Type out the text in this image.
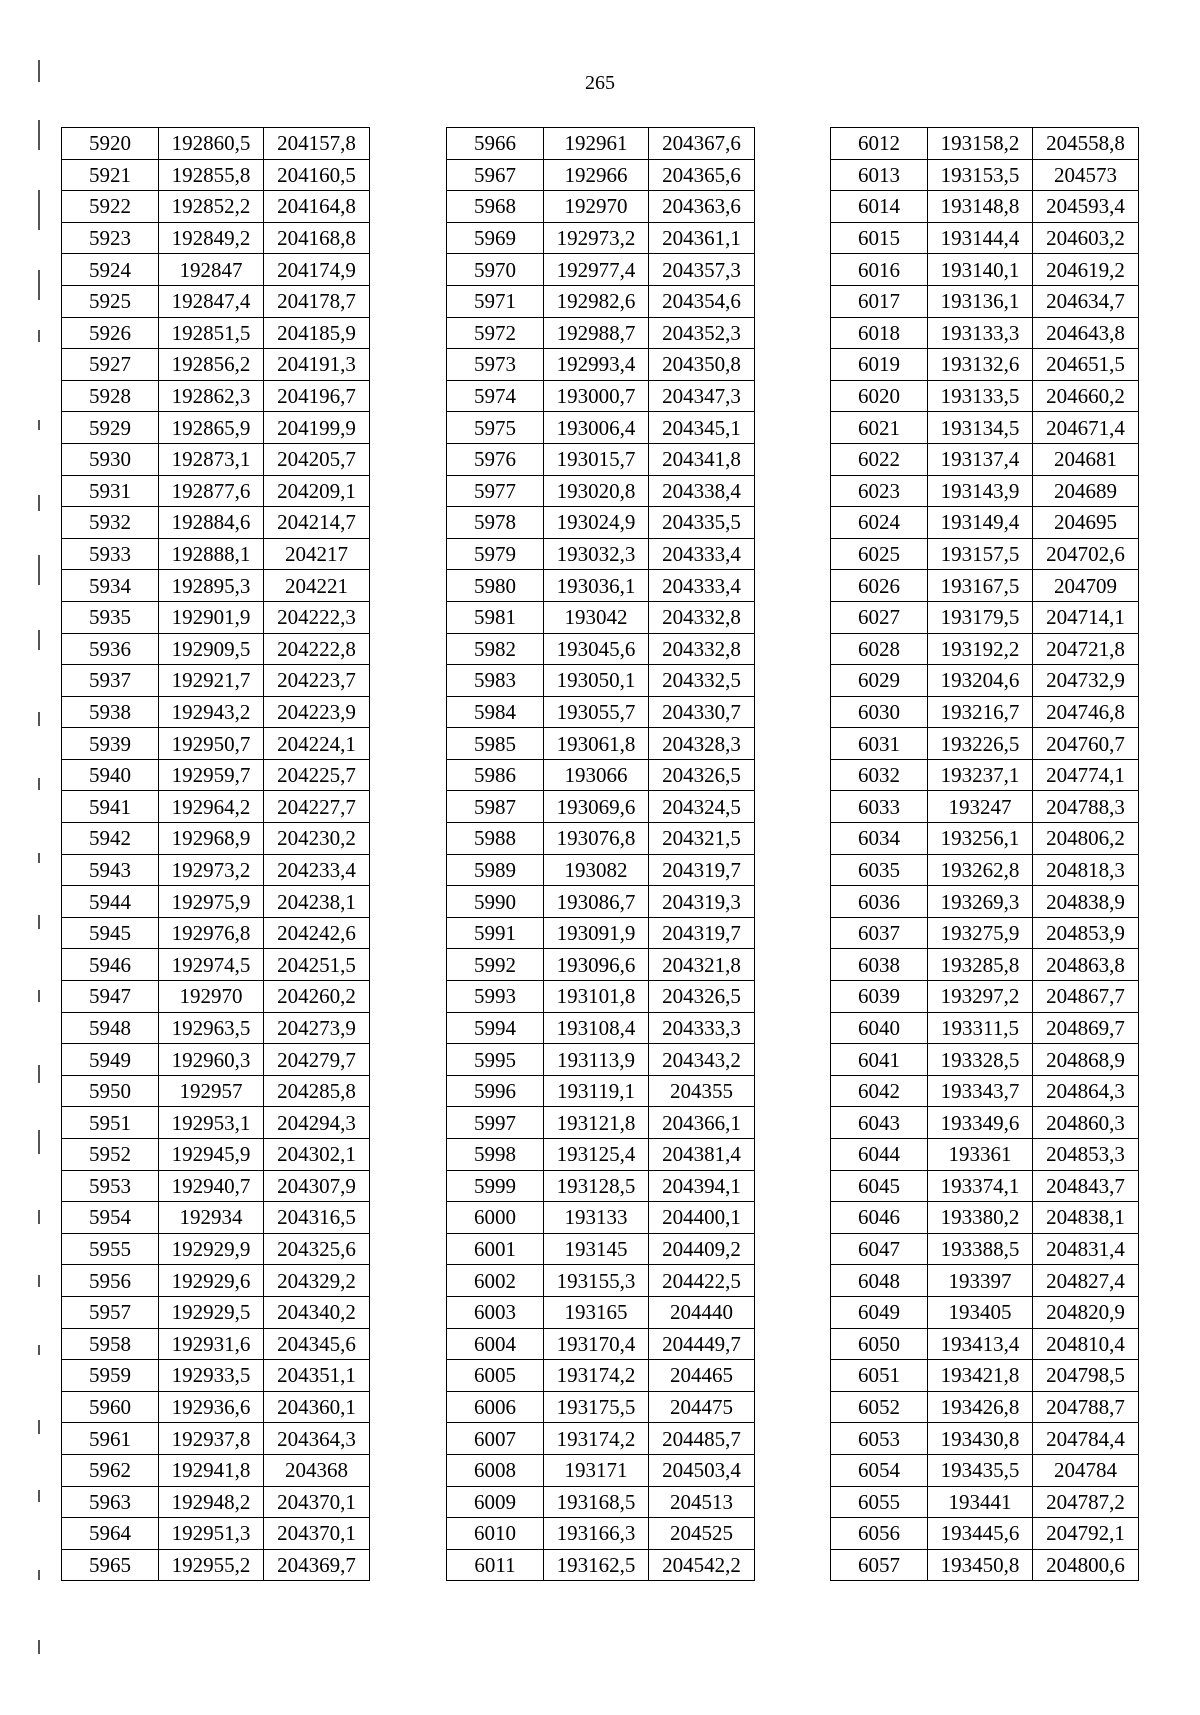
265
5920	192860,5	204157,8
5921	192855,8	204160,5
5922	192852,2	204164,8
5923	192849,2	204168,8
5924	192847	204174,9
5925	192847,4	204178,7
5926	192851,5	204185,9
5927	192856,2	204191,3
5928	192862,3	204196,7
5929	192865,9	204199,9
5930	192873,1	204205,7
5931	192877,6	204209,1
5932	192884,6	204214,7
5933	192888,1	204217
5934	192895,3	204221
5935	192901,9	204222,3
5936	192909,5	204222,8
5937	192921,7	204223,7
5938	192943,2	204223,9
5939	192950,7	204224,1
5940	192959,7	204225,7
5941	192964,2	204227,7
5942	192968,9	204230,2
5943	192973,2	204233,4
5944	192975,9	204238,1
5945	192976,8	204242,6
5946	192974,5	204251,5
5947	192970	204260,2
5948	192963,5	204273,9
5949	192960,3	204279,7
5950	192957	204285,8
5951	192953,1	204294,3
5952	192945,9	204302,1
5953	192940,7	204307,9
5954	192934	204316,5
5955	192929,9	204325,6
5956	192929,6	204329,2
5957	192929,5	204340,2
5958	192931,6	204345,6
5959	192933,5	204351,1
5960	192936,6	204360,1
5961	192937,8	204364,3
5962	192941,8	204368
5963	192948,2	204370,1
5964	192951,3	204370,1
5965	192955,2	204369,7
5966	192961	204367,6
5967	192966	204365,6
5968	192970	204363,6
5969	192973,2	204361,1
5970	192977,4	204357,3
5971	192982,6	204354,6
5972	192988,7	204352,3
5973	192993,4	204350,8
5974	193000,7	204347,3
5975	193006,4	204345,1
5976	193015,7	204341,8
5977	193020,8	204338,4
5978	193024,9	204335,5
5979	193032,3	204333,4
5980	193036,1	204333,4
5981	193042	204332,8
5982	193045,6	204332,8
5983	193050,1	204332,5
5984	193055,7	204330,7
5985	193061,8	204328,3
5986	193066	204326,5
5987	193069,6	204324,5
5988	193076,8	204321,5
5989	193082	204319,7
5990	193086,7	204319,3
5991	193091,9	204319,7
5992	193096,6	204321,8
5993	193101,8	204326,5
5994	193108,4	204333,3
5995	193113,9	204343,2
5996	193119,1	204355
5997	193121,8	204366,1
5998	193125,4	204381,4
5999	193128,5	204394,1
6000	193133	204400,1
6001	193145	204409,2
6002	193155,3	204422,5
6003	193165	204440
6004	193170,4	204449,7
6005	193174,2	204465
6006	193175,5	204475
6007	193174,2	204485,7
6008	193171	204503,4
6009	193168,5	204513
6010	193166,3	204525
6011	193162,5	204542,2
6012	193158,2	204558,8
6013	193153,5	204573
6014	193148,8	204593,4
6015	193144,4	204603,2
6016	193140,1	204619,2
6017	193136,1	204634,7
6018	193133,3	204643,8
6019	193132,6	204651,5
6020	193133,5	204660,2
6021	193134,5	204671,4
6022	193137,4	204681
6023	193143,9	204689
6024	193149,4	204695
6025	193157,5	204702,6
6026	193167,5	204709
6027	193179,5	204714,1
6028	193192,2	204721,8
6029	193204,6	204732,9
6030	193216,7	204746,8
6031	193226,5	204760,7
6032	193237,1	204774,1
6033	193247	204788,3
6034	193256,1	204806,2
6035	193262,8	204818,3
6036	193269,3	204838,9
6037	193275,9	204853,9
6038	193285,8	204863,8
6039	193297,2	204867,7
6040	193311,5	204869,7
6041	193328,5	204868,9
6042	193343,7	204864,3
6043	193349,6	204860,3
6044	193361	204853,3
6045	193374,1	204843,7
6046	193380,2	204838,1
6047	193388,5	204831,4
6048	193397	204827,4
6049	193405	204820,9
6050	193413,4	204810,4
6051	193421,8	204798,5
6052	193426,8	204788,7
6053	193430,8	204784,4
6054	193435,5	204784
6055	193441	204787,2
6056	193445,6	204792,1
6057	193450,8	204800,6
